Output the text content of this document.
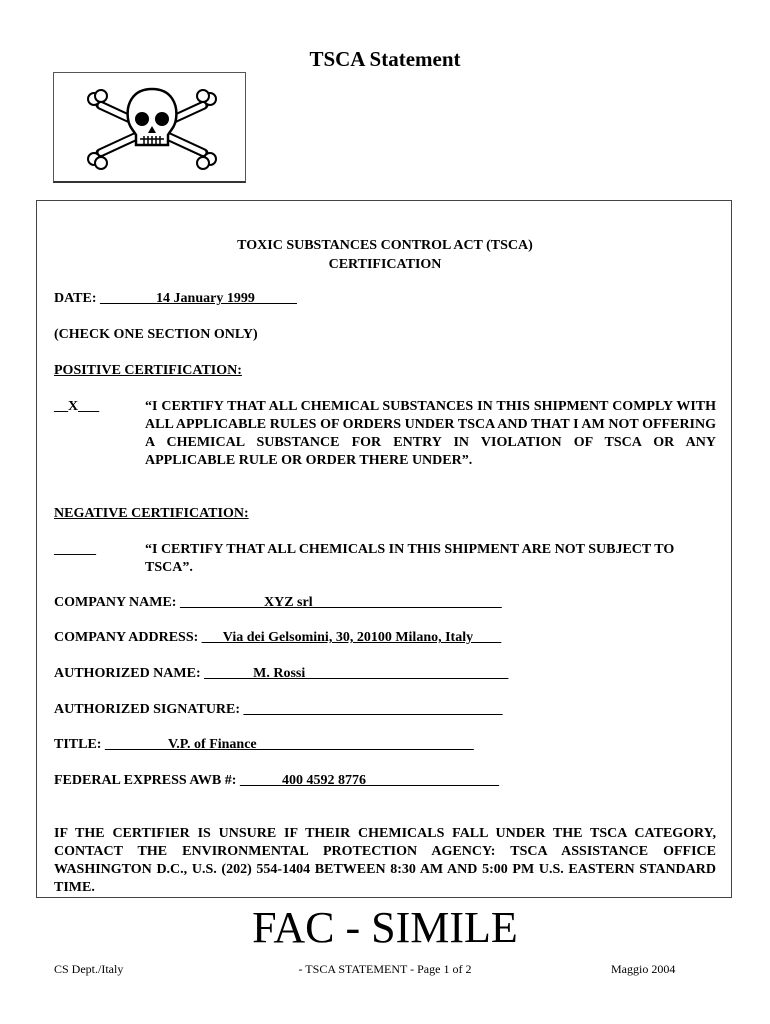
TSCA Statement
TOXIC SUBSTANCES CONTROL ACT (TSCA)
CERTIFICATION
DATE: ________14 January 1999______
(CHECK ONE SECTION ONLY)
POSITIVE CERTIFICATION:
__X___	“I CERTIFY THAT ALL CHEMICAL SUBSTANCES IN THIS SHIPMENT COMPLY WITH ALL APPLICABLE RULES OF ORDERS UNDER TSCA AND THAT I AM NOT OFFERING A CHEMICAL SUBSTANCE FOR ENTRY IN VIOLATION OF TSCA OR ANY APPLICABLE RULE OR ORDER THERE UNDER”.
NEGATIVE CERTIFICATION:
______	“I CERTIFY THAT ALL CHEMICALS IN THIS SHIPMENT ARE NOT SUBJECT TO TSCA”.
COMPANY NAME: ____________XYZ srl___________________________
COMPANY ADDRESS: ___Via dei Gelsomini, 30, 20100 Milano, Italy____
AUTHORIZED NAME: _______M. Rossi_____________________________
AUTHORIZED SIGNATURE: _____________________________________
TITLE: _________V.P. of Finance_______________________________
FEDERAL EXPRESS AWB #: ______400 4592 8776___________________
IF THE CERTIFIER IS UNSURE IF THEIR CHEMICALS FALL UNDER THE TSCA CATEGORY, CONTACT THE ENVIRONMENTAL PROTECTION AGENCY: TSCA ASSISTANCE OFFICE WASHINGTON D.C., U.S. (202) 554-1404 BETWEEN 8:30 AM AND 5:00 PM U.S. EASTERN STANDARD TIME.
FAC - SIMILE
CS Dept./Italy	- TSCA STATEMENT - Page 1 of 2	Maggio 2004
